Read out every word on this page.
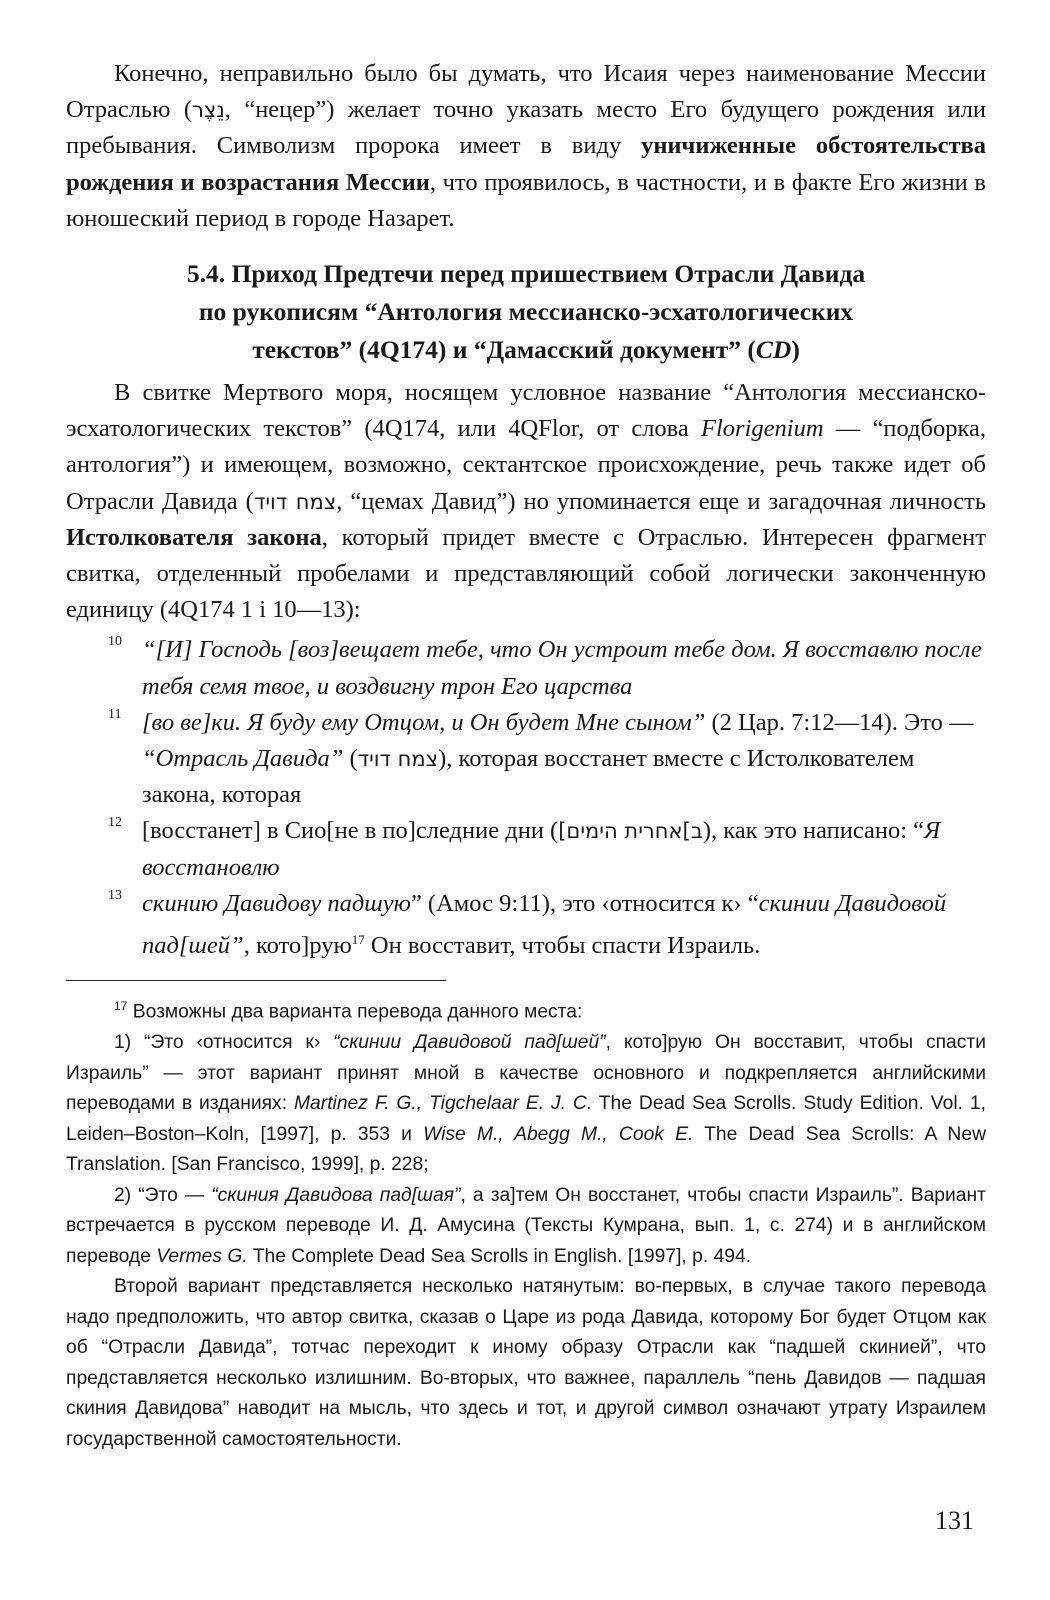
Конечно, неправильно было бы думать, что Исаия через наименование Мессии Отраслью (נֵצֶר, “нецер”) желает точно указать место Его будущего рождения или пребывания. Символизм пророка имеет в виду уничиженные обстоятельства рождения и возрастания Мессии, что проявилось, в частности, и в факте Его жизни в юношеский период в городе Назарет.

5.4. Приход Предтечи перед пришествием Отрасли Давида
по рукописям “Антология мессианско-эсхатологических
текстов” (4Q174) и “Дамасский документ” (CD)

В свитке Мертвого моря, носящем условное название “Антология мессианско-эсхатологических текстов” (4Q174, или 4QFlor, от слова Florigenium — “подборка, антология”) и имеющем, возможно, сектантское происхождение, речь также идет об Отрасли Давида (צמח דויד, “цемах Давид”) но упоминается еще и загадочная личность Истолкователя закона, который придет вместе с Отраслью. Интересен фрагмент свитка, отделенный пробелами и представляющий собой логически законченную единицу (4Q174 1 i 10—13):

10 “[И] Господь [воз]вещает тебе, что Он устроит тебе дом. Я восставлю после тебя семя твое, и воздвигну трон Его царства
11 [во ве]ки. Я буду ему Отцом, и Он будет Мне сыном” (2 Цар. 7:12—14). Это — “Отрасль Давида” (צמח דויד), которая восстанет вместе с Истолкователем закона, которая
12 [восстанет] в Сио[не в по]следние дни (ב]אחרית הימים]), как это написано: “Я восстановлю
13 скинию Давидову падшую” (Амос 9:11), это ‹относится к› “скинии Давидовой пад[шей”, кото]рую$^{17}$ Он восставит, чтобы спасти Израиль.

$^{17}$ Возможны два варианта перевода данного места:

1) “Это ‹относится к› “скинии Давидовой пад[шей”, кото]рую Он восставит, чтобы спасти Израиль” — этот вариант принят мной в качестве основного и подкрепляется английскими переводами в изданиях: Martinez F. G., Tigchelaar E. J. C. The Dead Sea Scrolls. Study Edition. Vol. 1, Leiden–Boston–Koln, [1997], p. 353 и Wise M., Abegg M., Cook E. The Dead Sea Scrolls: A New Translation. [San Francisco, 1999], p. 228;

2) “Это — “скиния Давидова пад[шая”, а за]тем Он восстанет, чтобы спасти Израиль”. Вариант встречается в русском переводе И. Д. Амусина (Тексты Кумрана, вып. 1, с. 274) и в английском переводе Vermes G. The Complete Dead Sea Scrolls in English. [1997], p. 494.

Второй вариант представляется несколько натянутым: во-первых, в случае такого перевода надо предположить, что автор свитка, сказав о Царе из рода Давида, которому Бог будет Отцом как об “Отрасли Давида”, тотчас переходит к иному образу Отрасли как “падшей скинией”, что представляется несколько излишним. Во-вторых, что важнее, параллель “пень Давидов — падшая скиния Давидова” наводит на мысль, что здесь и тот, и другой символ означают утрату Израилем государственной самостоятельности.

131
